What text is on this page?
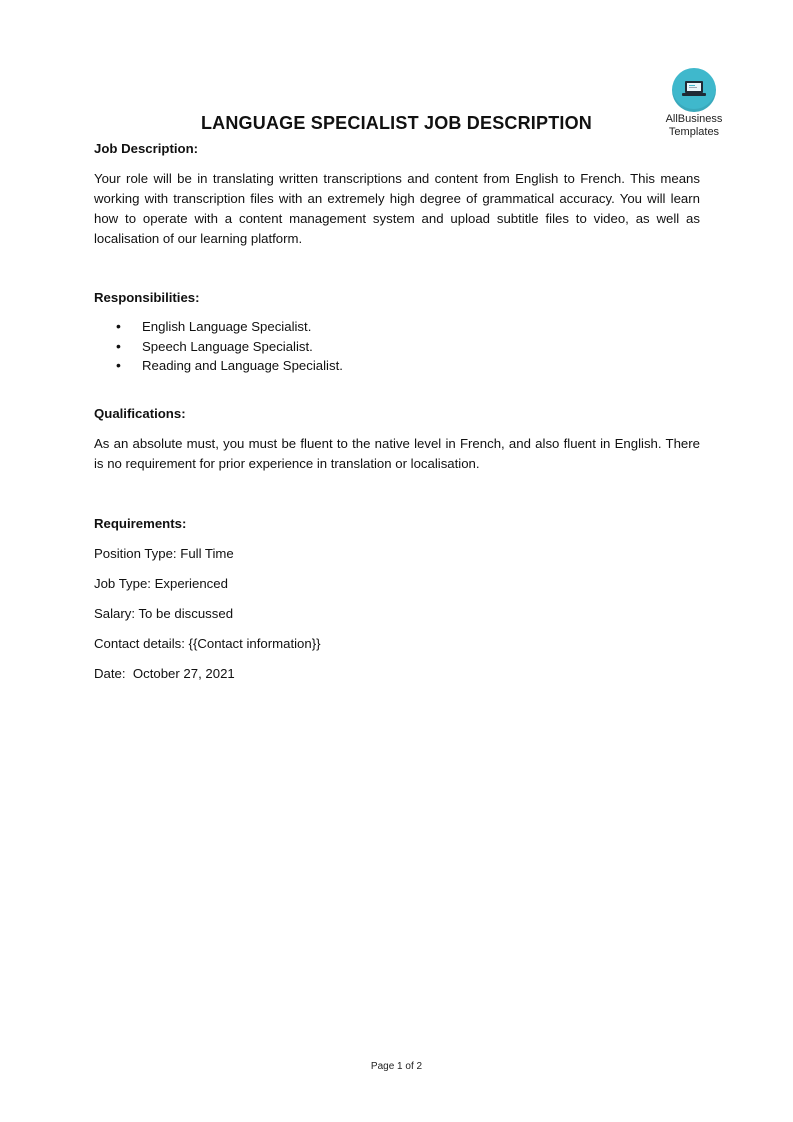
AllBusiness
Templates
LANGUAGE SPECIALIST JOB DESCRIPTION

Job Description:

Your role will be in translating written transcriptions and content from English to French. This means working with transcription files with an extremely high degree of grammatical accuracy. You will learn how to operate with a content management system and upload subtitle files to video, as well as localisation of our learning platform.

Responsibilities:

• English Language Specialist.
• Speech Language Specialist.
• Reading and Language Specialist.

Qualifications:

As an absolute must, you must be fluent to the native level in French, and also fluent in English. There is no requirement for prior experience in translation or localisation.

Requirements:

Position Type: Full Time

Job Type: Experienced

Salary: To be discussed

Contact details: {{Contact information}}

Date:  October 27, 2021

Page 1 of 2
